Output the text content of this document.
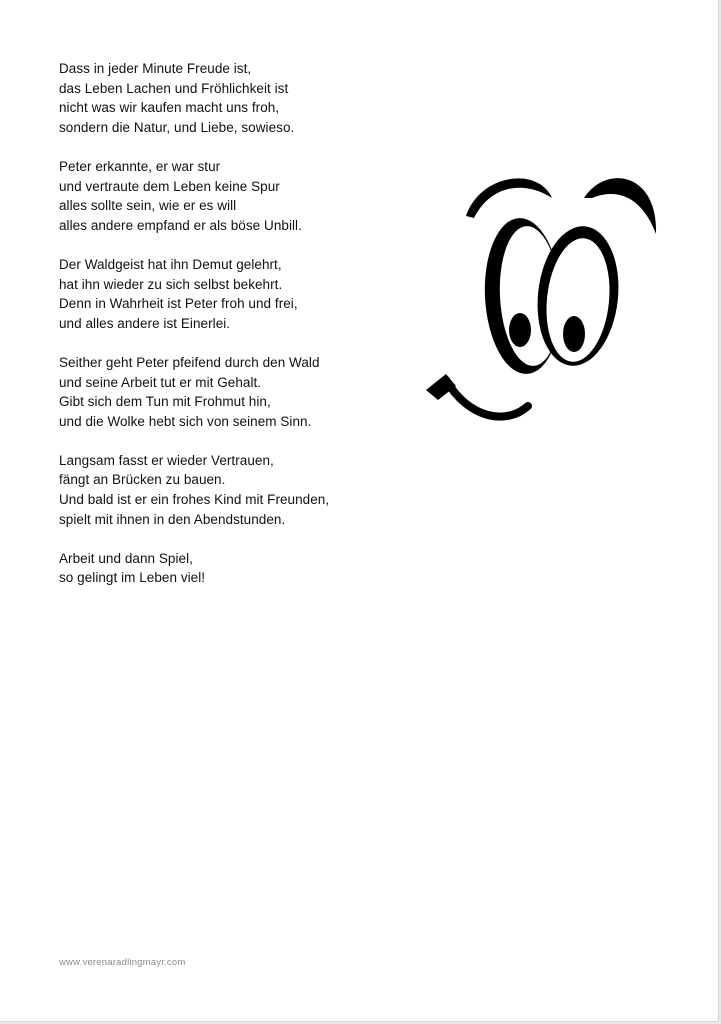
Dass in jeder Minute Freude ist,
das Leben Lachen und Fröhlichkeit ist
nicht was wir kaufen macht uns froh,
sondern die Natur, und Liebe, sowieso.
Peter erkannte, er war stur
und vertraute dem Leben keine Spur
alles sollte sein, wie er es will
alles andere empfand er als böse Unbill.
Der Waldgeist hat ihn Demut gelehrt,
hat ihn wieder zu sich selbst bekehrt.
Denn in Wahrheit ist Peter froh und frei,
und alles andere ist Einerlei.
Seither geht Peter pfeifend durch den Wald
und seine Arbeit tut er mit Gehalt.
Gibt sich dem Tun mit Frohmut hin,
und die Wolke hebt sich von seinem Sinn.
Langsam fasst er wieder Vertrauen,
fängt an Brücken zu bauen.
Und bald ist er ein frohes Kind mit Freunden,
spielt mit ihnen in den Abendstunden.
Arbeit und dann Spiel,
so gelingt im Leben viel!
www.verenaradlingmayr.com
